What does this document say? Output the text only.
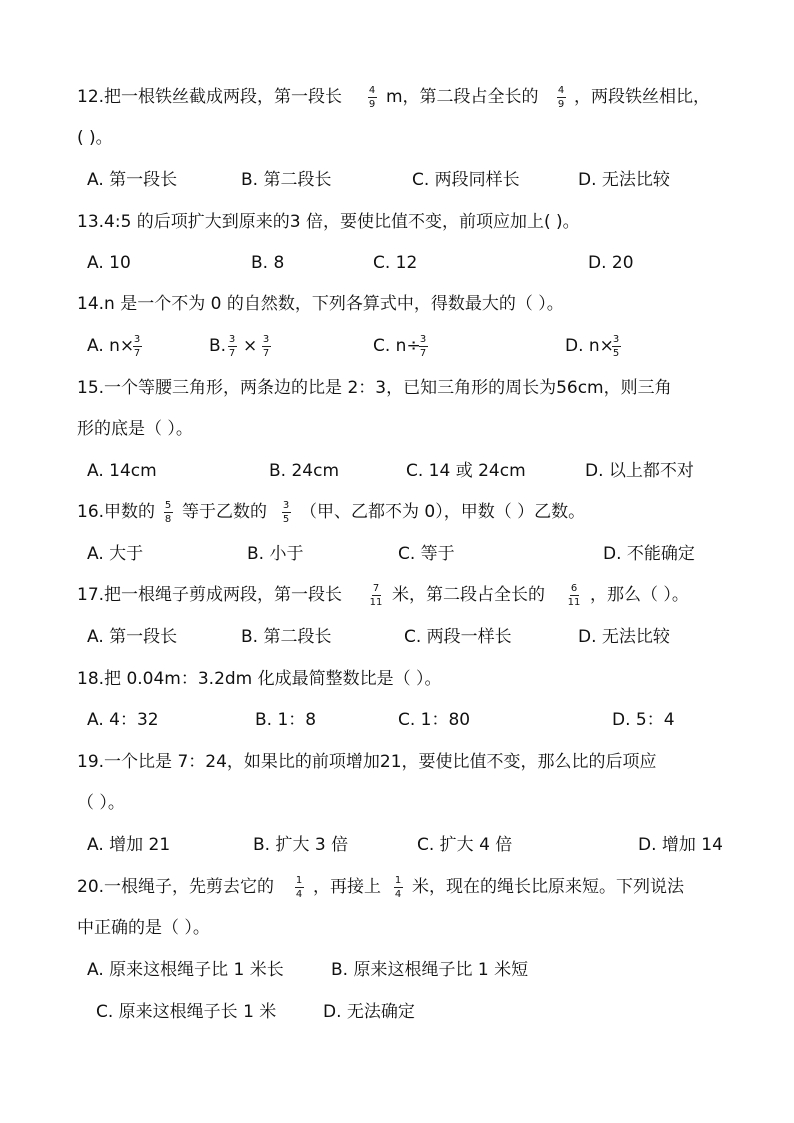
12.把一根铁丝截成两段，第一段长	4
9 m，第二段占全长的 4
9 ，两段铁丝相比，
( )。
A. 第一段长	B. 第二段长	C. 两段同样长	D. 无法比较
13.4:5 的后项扩大到原来的3 倍，要使比值不变，前项应加上( )。
A. 10	B. 8	C. 12	D. 20
14.n 是一个不为 0 的自然数，下列各算式中，得数最大的（ ）。
A. n× 3
7	B. 3
7 × 3
7	C. n÷ 3
7	D. n×
3
5
15.一个等腰三角形，两条边的比是 2：3，已知三角形的周长为56cm，则三角
形的底是（ ）。
A. 14cm	B. 24cm	C. 14 或 24cm	D. 以上都不对
16.甲数的 5
8 等于乙数的 3
5 （甲、乙都不为 0），甲数（ ）乙数。
A. 大于	B. 小于	C. 等于	D. 不能确定
17.把一根绳子剪成两段，第一段长	7
11 米，第二段占全长的	6
11 ，那么（ ）。
A. 第一段长	B. 第二段长	C. 两段一样长	D. 无法比较
18.把 0.04m：3.2dm 化成最简整数比是（ ）。
A. 4：32	B. 1：8	C. 1：80	D. 5：4
19.一个比是 7：24，如果比的前项增加21，要使比值不变，那么比的后项应
（ ）。
A. 增加 21	B. 扩大 3 倍	C. 扩大 4 倍	D. 增加 14
20.一根绳子，先剪去它的 1
4 ，再接上 1
4 米，现在的绳长比原来短。下列说法
中正确的是（ ）。
A. 原来这根绳子比 1 米长	B. 原来这根绳子比 1 米短
C. 原来这根绳子长 1 米	D. 无法确定
